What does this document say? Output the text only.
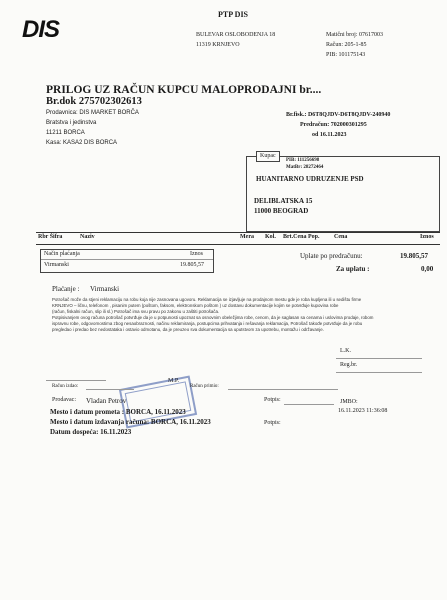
DIS
PTP DIS
BULEVAR OSLOBODENJA 18
11319 KRNJEVO
Matični broj: 07617003
Račun: 205-1-85
PIB: 101175143
PRILOG UZ RAČUN KUPCU MALOPRODAJNI br....
Br.dok 275702302613
Prodavnica: DIS MARKET BORČA
Bratstva i jedinstva
11211 BORCA
Kasa: KASA2 DIS BORCA
Br.fisk.: D6T8QJDV-D6T8QJDV-240940
Predračun: 702000301295
od 16.11.2023
Kupac
PIB: 111256698
MatBr: 28272464
HUANITARNO UDRUZENJE PSD
DELIBLATSKA 15
11000 BEOGRAD
Rbr Šifra	Naziv	Mera Kol. Brt.Cena Pop. Cena	Iznos
Način plaćanja	Iznos
Virmanski	19.805,57
Uplate po predračunu:	19.805,57
Za uplatu :	0,00
Plaćanje : Virmanski

Potrošač može da stjeni reklamaciju na robu koja nije zasnovana ugovoru. Reklamacija se izjavljuje na prodajnom mestu gde je roba kupljena ili u sedištu firme

KRNJEVO – ličnu, telefonom , pisanim putem (poštom, faksom, elektronskom poštom ) uz dostavu dokumentacije kojim se potvrđuje kupovina robe

(račun, fiskalni račun, slip ili sl.) Potrošač ima svu pravu po zakonu u zaštiti potrošača.

Potpisivanjem ovog računa potrošač potvrđuje da je u potpunosti upoznat sa osnovnim obeležjima robe, cenom, da je saglasan sa cenama i uslovima prodaje, robom

ispravnu robe, odgovornostima zbog nesaobraznosti, načinu reklamiranja, postupcima prihvatanja i rešavanja reklamacija, Potrošač takođe potvrđuje da je robu

pregledao i predao bez nedostataka i ostavio odmotanu, da je preuzeo sva dokumentacija sa uputstvom za upotrebu, montažu i održavanje.

L.K.
Reg.br.
M.P.
Račun izdao:	Račun primio:
Prodavac: Vladan Petrov	Potpis:	JMBO:
Mesto i datum prometa : BORCA, 16.11.2023	16.11.2023 11:36:08
Mesto i datum izdavanja računa: BORCA, 16.11.2023	Potpis:
Datum dospeća: 16.11.2023
